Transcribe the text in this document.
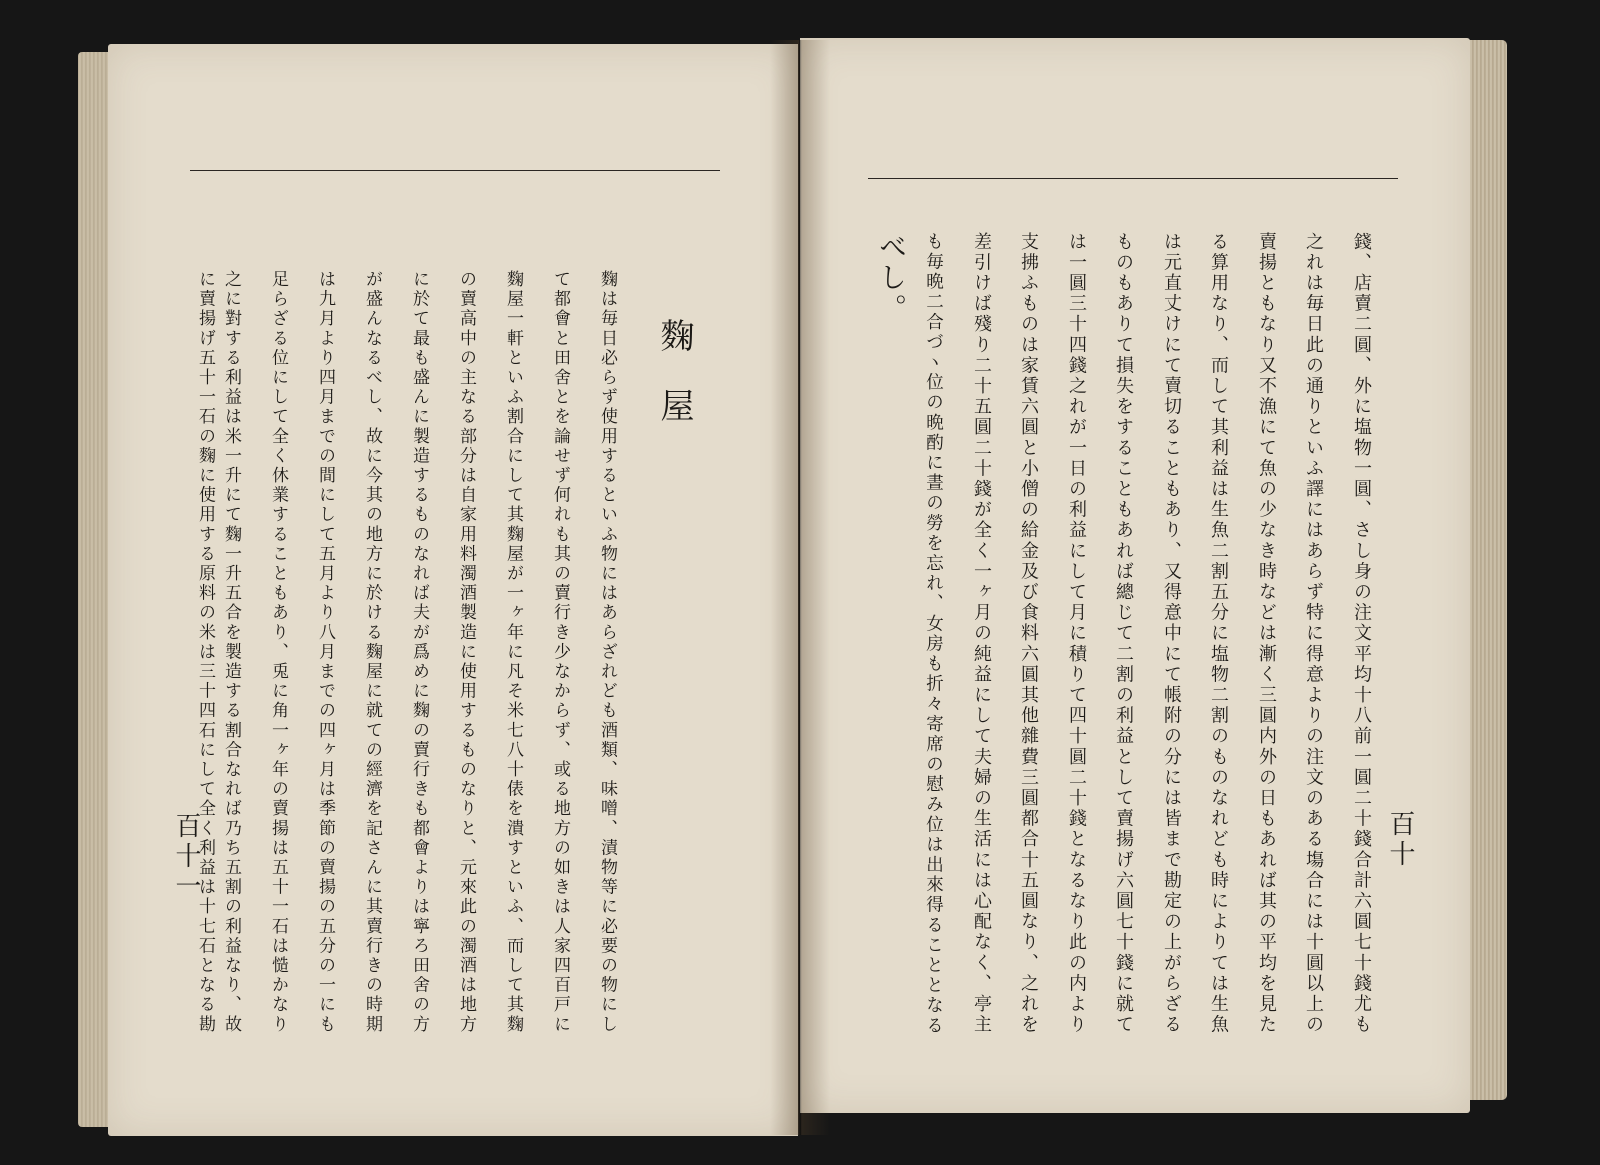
錢、店賣二圓、外に塩物一圓、さし身の注文平均十八前一圓二十錢合計六圓七十錢尤も
之れは毎日此の通りといふ譯にはあらず特に得意よりの注文のある塲合には十圓以上の
賣揚ともなり又不漁にて魚の少なき時などは漸く三圓内外の日もあれば其の平均を見た
る算用なり、而して其利益は生魚二割五分に塩物二割のものなれども時によりては生魚
は元直丈けにて賣切ることもあり、又得意中にて帳附の分には皆まで勘定の上がらざる
ものもありて損失をすることもあれば總じて二割の利益として賣揚げ六圓七十錢に就て
は一圓三十四錢之れが一日の利益にして月に積りて四十圓二十錢となるなり此の内より
支拂ふものは家賃六圓と小僧の給金及び食料六圓其他雜費三圓都合十五圓なり、之れを
差引けば殘り二十五圓二十錢が全く一ヶ月の純益にして夫婦の生活には心配なく、亭主
も毎晩二合づヽ位の晩酌に晝の勞を忘れ、女房も折々寄席の慰み位は出來得ることとなる
べし。
百十
麴屋
麴は毎日必らず使用するといふ物にはあらざれども酒類、味噌、漬物等に必要の物にし
て都會と田舍とを論せず何れも其の賣行き少なからず、或る地方の如きは人家四百戸に
麴屋一軒といふ割合にして其麴屋が一ヶ年に凡そ米七八十俵を潰すといふ、而して其麴
の賣高中の主なる部分は自家用料濁酒製造に使用するものなりと、元來此の濁酒は地方
に於て最も盛んに製造するものなれば夫が爲めに麴の賣行きも都會よりは寧ろ田舍の方
が盛んなるべし、故に今其の地方に於ける麴屋に就ての經濟を記さんに其賣行きの時期
は九月より四月までの間にして五月より八月までの四ヶ月は季節の賣揚の五分の一にも
足らざる位にして全く休業することもあり、兎に角一ヶ年の賣揚は五十一石は慥かなり
之に對する利益は米一升にて麴一升五合を製造する割合なれば乃ち五割の利益なり、故
に賣揚げ五十一石の麴に使用する原料の米は三十四石にして全く利益は十七石となる勘
百十一
